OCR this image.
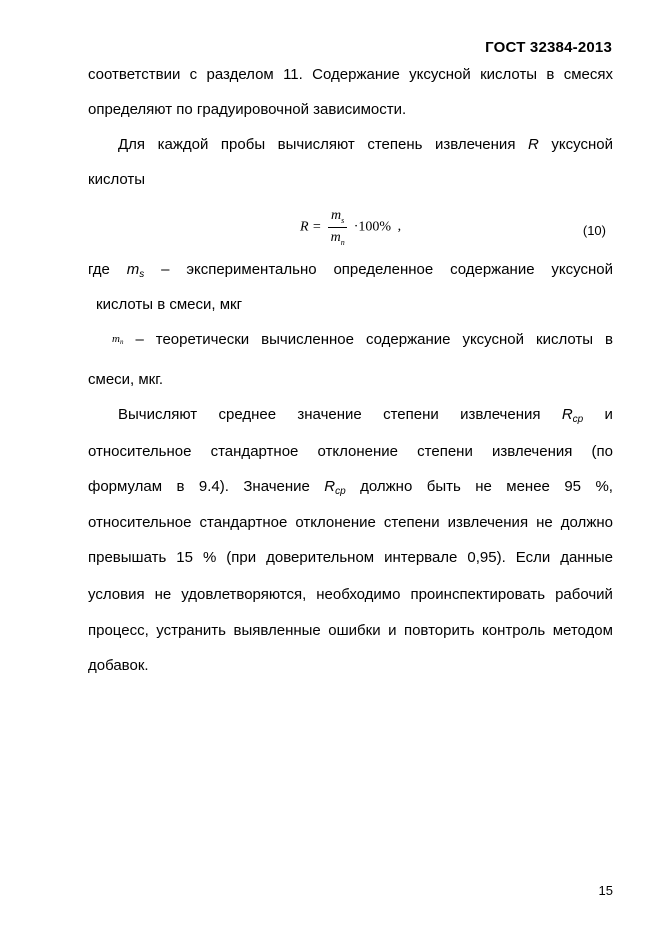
ГОСТ 32384-2013
соответствии с разделом 11. Содержание уксусной кислоты в смесях
определяют по градуировочной зависимости.
Для каждой пробы вычисляют степень извлечения R уксусной
кислоты
$R = \frac{m_s}{m_n} \cdot 100\%$ ,	(10)
где $m_s$ – экспериментально определенное содержание уксусной
кислоты в смеси, мкг
mn – теоретически вычисленное содержание уксусной кислоты в
смеси, мкг.
Вычисляют среднее значение степени извлечения $R_{ср}$ и
относительное стандартное отклонение степени извлечения (по
формулам в 9.4). Значение $R_{ср}$ должно быть не менее 95 %,
относительное стандартное отклонение степени извлечения не должно
превышать 15 % (при доверительном интервале 0,95). Если данные
условия не удовлетворяются, необходимо проинспектировать рабочий
процесс, устранить выявленные ошибки и повторить контроль методом
добавок.
15
